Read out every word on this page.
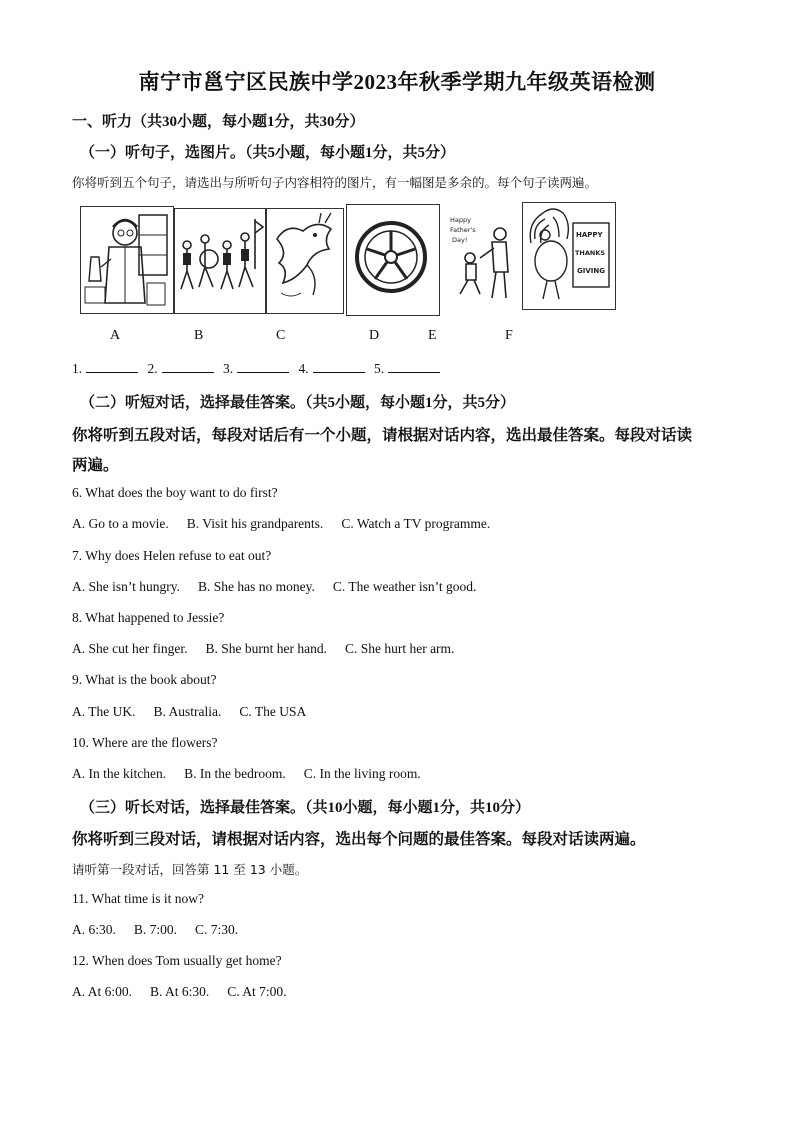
南宁市邕宁区民族中学2023年秋季学期九年级英语检测
一、听力（共30小题，每小题1分，共30分）
（一）听句子，选图片。（共5小题，每小题1分，共5分）
你将听到五个句子，请选出与所听句子内容相符的图片，有一幅图是多余的。每个句子读两遍。
Happy
Father's
Day!
HAPPY
THANKS
GIVING
A	B	C	D	E	F
1.	2.	3.	4.	5.
（二）听短对话，选择最佳答案。（共5小题，每小题1分，共5分）
你将听到五段对话，每段对话后有一个小题，请根据对话内容，选出最佳答案。每段对话读
两遍。
6. What does the boy want to do first?
A. Go to a movie. B. Visit his grandparents. C. Watch a TV programme.
7. Why does Helen refuse to eat out?
A. She isn’t hungry. B. She has no money. C. The weather isn’t good.
8. What happened to Jessie?
A. She cut her finger. B. She burnt her hand. C. She hurt her arm.
9. What is the book about?
A. The UK. B. Australia. C. The USA
10. Where are the flowers?
A. In the kitchen. B. In the bedroom. C. In the living room.
（三）听长对话，选择最佳答案。（共10小题，每小题1分，共10分）
你将听到三段对话，请根据对话内容，选出每个问题的最佳答案。每段对话读两遍。
请听第一段对话，回答第 11 至 13 小题。
11. What time is it now?
A. 6:30. B. 7:00. C. 7:30.
12. When does Tom usually get home?
A. At 6:00. B. At 6:30. C. At 7:00.
